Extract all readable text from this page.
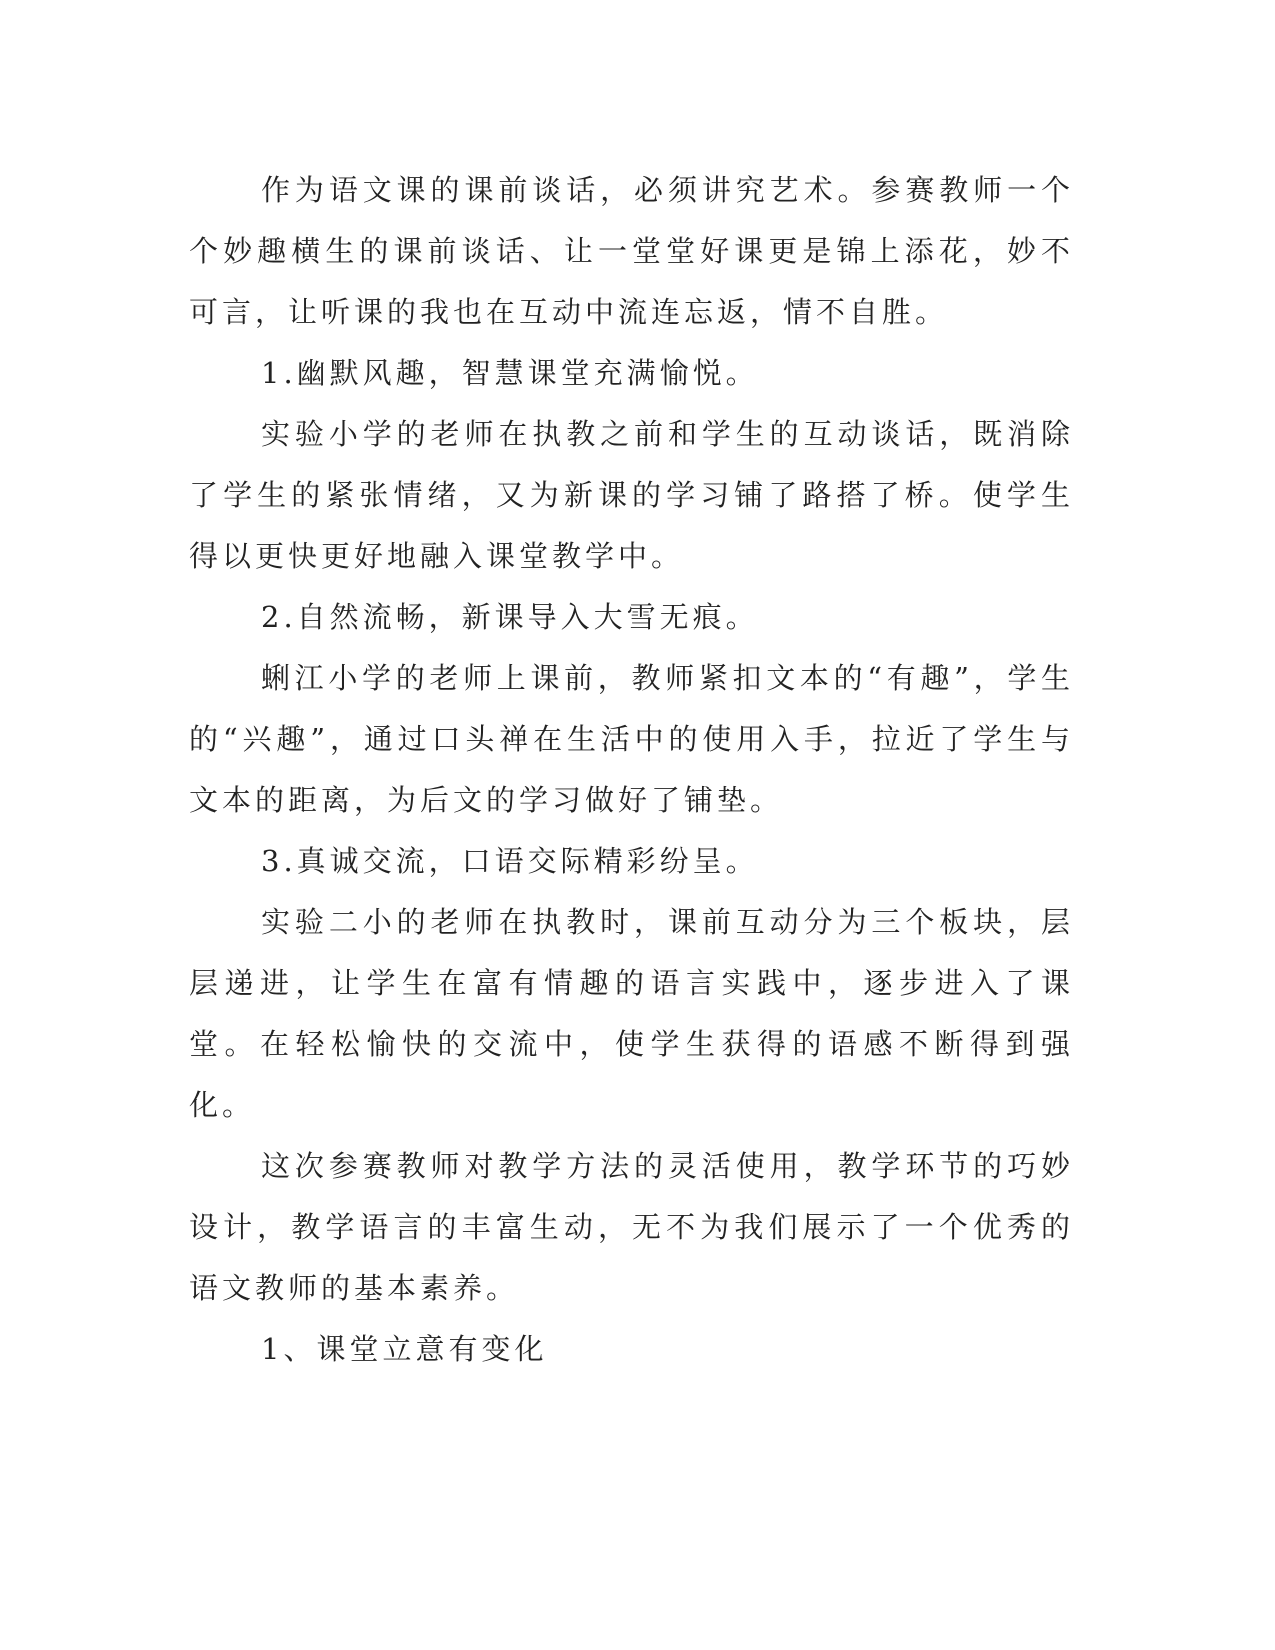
作为语文课的课前谈话，必须讲究艺术。参赛教师一个个妙趣横生的课前谈话、让一堂堂好课更是锦上添花，妙不可言，让听课的我也在互动中流连忘返，情不自胜。

1.幽默风趣，智慧课堂充满愉悦。

实验小学的老师在执教之前和学生的互动谈话，既消除了学生的紧张情绪，又为新课的学习铺了路搭了桥。使学生得以更快更好地融入课堂教学中。

2.自然流畅，新课导入大雪无痕。

蜊江小学的老师上课前，教师紧扣文本的“有趣”，学生的“兴趣”，通过口头禅在生活中的使用入手，拉近了学生与文本的距离，为后文的学习做好了铺垫。

3.真诚交流，口语交际精彩纷呈。

实验二小的老师在执教时，课前互动分为三个板块，层层递进，让学生在富有情趣的语言实践中，逐步进入了课堂。在轻松愉快的交流中，使学生获得的语感不断得到强化。

这次参赛教师对教学方法的灵活使用，教学环节的巧妙设计，教学语言的丰富生动，无不为我们展示了一个优秀的语文教师的基本素养。

1、课堂立意有变化
